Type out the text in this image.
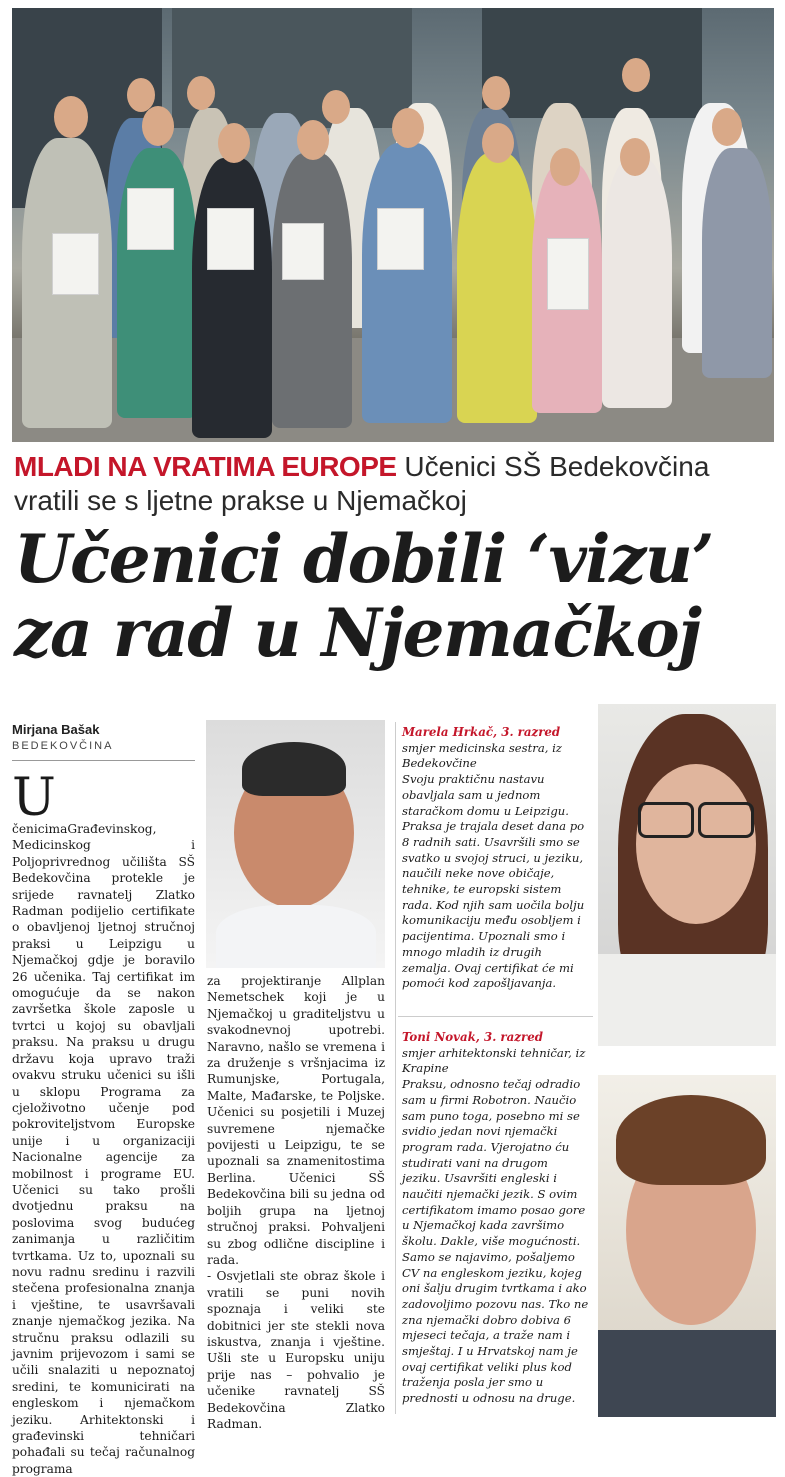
MLADI NA VRATIMA EUROPE Učenici SŠ Bedekovčina vratili se s ljetne prakse u Njemačkoj
Učenici dobili ‘vizu’
za rad u Njemačkoj
Mirjana Bašak
BEDEKOVČINA
U
čenicimaGrađevinskog, Medicinskog i Poljoprivrednog učilišta SŠ Bedekovčina protekle je srijede ravnatelj Zlatko Radman podijelio certifikate o obavljenoj ljetnoj stručnoj praksi u Leipzigu u Njemačkoj gdje je boravilo 26 učenika. Taj certifikat im omogućuje da se nakon završetka škole zaposle u tvrtci u kojoj su obavljali praksu. Na praksu u drugu državu koja upravo traži ovakvu struku učenici su išli u sklopu Programa za cjeloživotno učenje pod pokroviteljstvom Europske unije i u organizaciji Nacionalne agencije za mobilnost i programe EU. Učenici su tako prošli dvotjednu praksu na poslovima svog budućeg zanimanja u različitim tvrtkama. Uz to, upoznali su novu radnu sredinu i razvili stečena profesionalna znanja i vještine, te usavršavali znanje njemačkog jezika. Na stručnu praksu odlazili su javnim prijevozom i sami se učili snalaziti u nepoznatoj sredini, te komunicirati na engleskom i njemačkom jeziku. Arhitektonski i građevinski tehničari pohađali su tečaj računalnog programa
za projektiranje Allplan Nemetschek koji je u Njemačkoj u graditeljstvu u svakodnevnoj upotrebi. Naravno, našlo se vremena i za druženje s vršnjacima iz Rumunjske, Portugala, Malte, Mađarske, te Poljske. Učenici su posjetili i Muzej suvremene njemačke povijesti u Leipzigu, te se upoznali sa znamenitostima Berlina. Učenici SŠ Bedekovčina bili su jedna od boljih grupa na ljetnoj stručnoj praksi. Pohvaljeni su zbog odlične discipline i rada.
- Osvjetlali ste obraz škole i vratili se puni novih spoznaja i veliki ste dobitnici jer ste stekli nova iskustva, znanja i vještine. Ušli ste u Europsku uniju prije nas – pohvalio je učenike ravnatelj SŠ Bedekovčina Zlatko Radman.
Marela Hrkač, 3. razred
smjer medicinska sestra, iz Bedekovčine
Svoju praktičnu nastavu obavljala sam u jednom staračkom domu u Leipzigu. Praksa je trajala deset dana po 8 radnih sati. Usavršili smo se svatko u svojoj struci, u jeziku, naučili neke nove običaje, tehnike, te europski sistem rada. Kod njih sam uočila bolju komunikaciju među osobljem i pacijentima. Upoznali smo i mnogo mladih iz drugih zemalja. Ovaj certifikat će mi pomoći kod zapošljavanja.
Toni Novak, 3. razred
smjer arhitektonski tehničar, iz Krapine
Praksu, odnosno tečaj odradio sam u firmi Robotron. Naučio sam puno toga, posebno mi se svidio jedan novi njemački program rada. Vjerojatno ću studirati vani na drugom jeziku. Usavršiti engleski i naučiti njemački jezik. S ovim certifikatom imamo posao gore u Njemačkoj kada završimo školu. Dakle, više mogućnosti. Samo se najavimo, pošaljemo CV na engleskom jeziku, kojeg oni šalju drugim tvrtkama i ako zadovoljimo pozovu nas. Tko ne zna njemački dobro dobiva 6 mjeseci tečaja, a traže nam i smještaj. I u Hrvatskoj nam je ovaj certifikat veliki plus kod traženja posla jer smo u prednosti u odnosu na druge.
